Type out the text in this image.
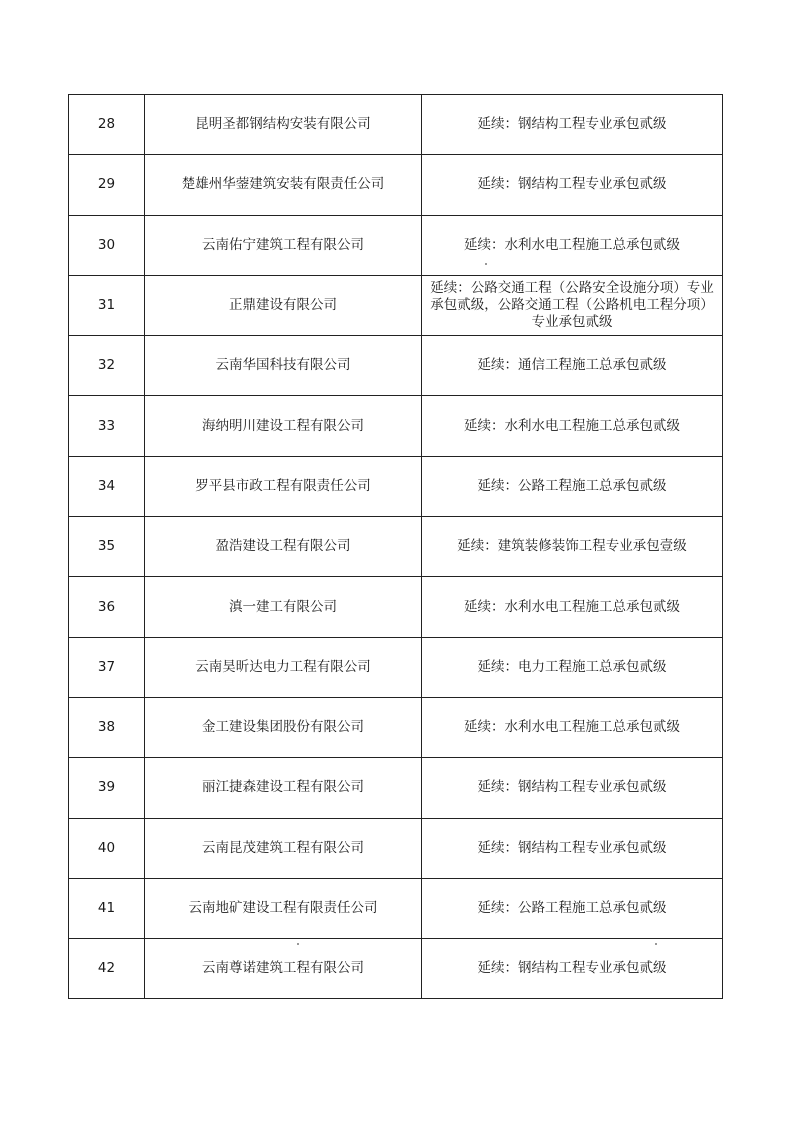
28	昆明圣都钢结构安装有限公司	延续：钢结构工程专业承包贰级
29	楚雄州华蓥建筑安装有限责任公司	延续：钢结构工程专业承包贰级
30	云南佑宁建筑工程有限公司	延续：水利水电工程施工总承包贰级
31	正鼎建设有限公司	延续：公路交通工程（公路安全设施分项）专业承包贰级，公路交通工程（公路机电工程分项）专业承包贰级
32	云南华国科技有限公司	延续：通信工程施工总承包贰级
33	海纳明川建设工程有限公司	延续：水利水电工程施工总承包贰级
34	罗平县市政工程有限责任公司	延续：公路工程施工总承包贰级
35	盈浩建设工程有限公司	延续：建筑装修装饰工程专业承包壹级
36	滇一建工有限公司	延续：水利水电工程施工总承包贰级
37	云南昊昕达电力工程有限公司	延续：电力工程施工总承包贰级
38	金工建设集团股份有限公司	延续：水利水电工程施工总承包贰级
39	丽江捷森建设工程有限公司	延续：钢结构工程专业承包贰级
40	云南昆茂建筑工程有限公司	延续：钢结构工程专业承包贰级
41	云南地矿建设工程有限责任公司	延续：公路工程施工总承包贰级
42	云南尊诺建筑工程有限公司	延续：钢结构工程专业承包贰级
